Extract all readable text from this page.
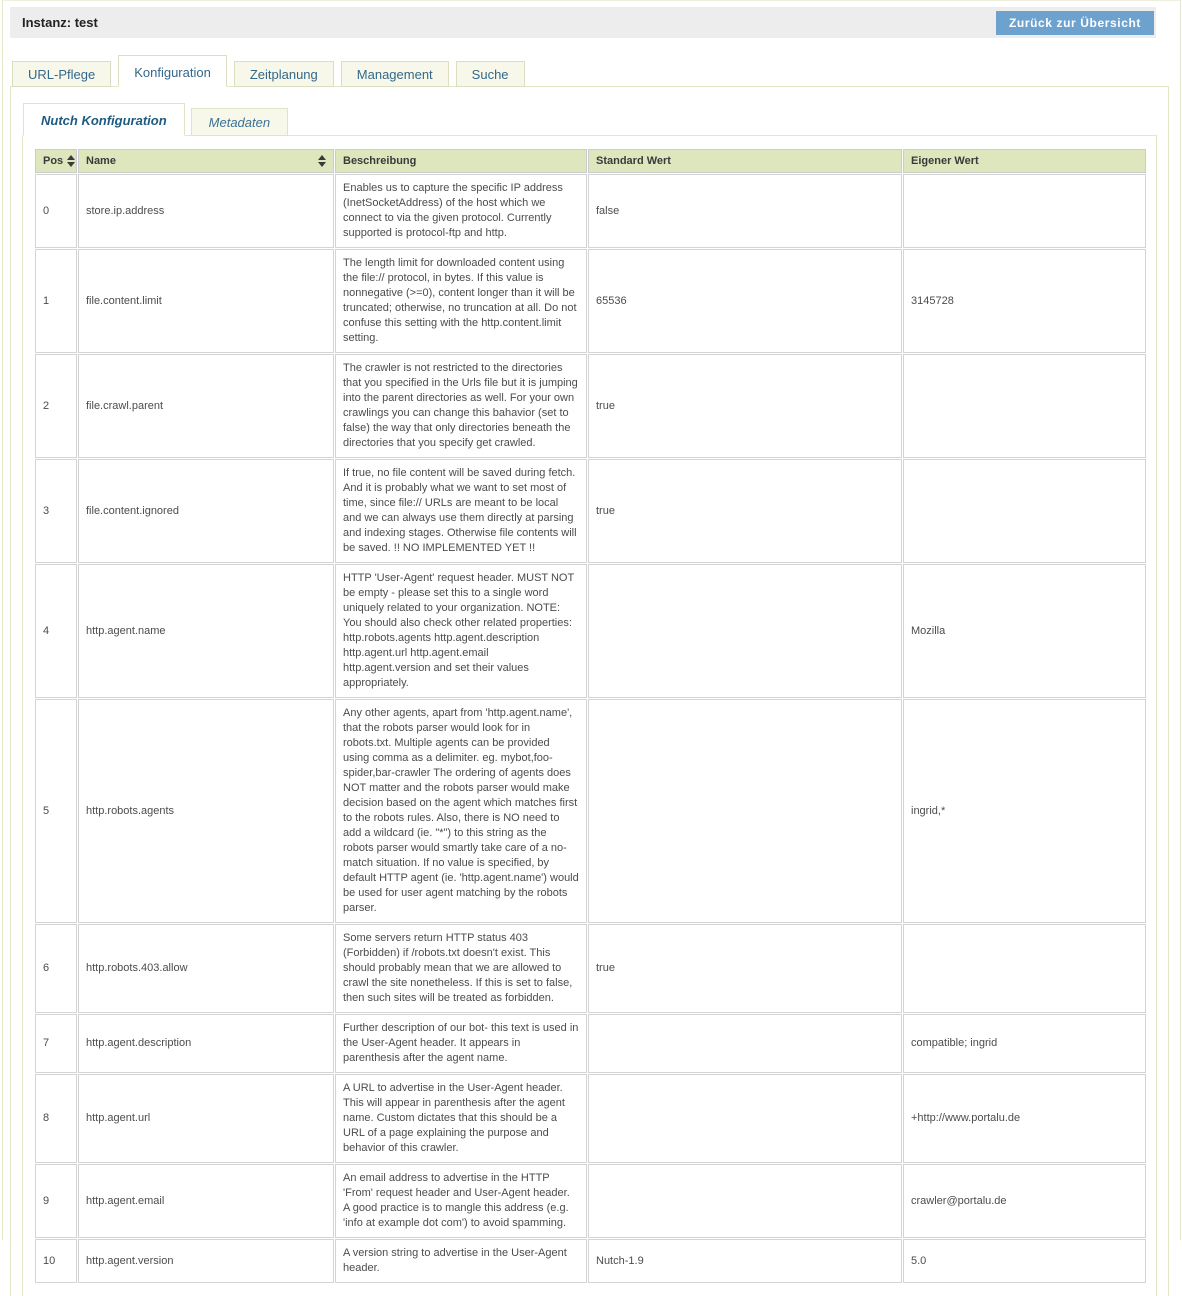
Instanz: test	Zurück zur Übersicht
URL-Pflege	Konfiguration	Zeitplanung	Management	Suche
Nutch Konfiguration	Metadaten
Pos	Name	Beschreibung	Standard Wert	Eigener Wert
0	store.ip.address	Enables us to capture the specific IP address (InetSocketAddress) of the host which we connect to via the given protocol. Currently supported is protocol-ftp and http.	false	
1	file.content.limit	The length limit for downloaded content using the file:// protocol, in bytes. If this value is nonnegative (>=0), content longer than it will be truncated; otherwise, no truncation at all. Do not confuse this setting with the http.content.limit setting.	65536	3145728
2	file.crawl.parent	The crawler is not restricted to the directories that you specified in the Urls file but it is jumping into the parent directories as well. For your own crawlings you can change this bahavior (set to false) the way that only directories beneath the directories that you specify get crawled.	true	
3	file.content.ignored	If true, no file content will be saved during fetch. And it is probably what we want to set most of time, since file:// URLs are meant to be local and we can always use them directly at parsing and indexing stages. Otherwise file contents will be saved. !! NO IMPLEMENTED YET !!	true	
4	http.agent.name	HTTP 'User-Agent' request header. MUST NOT be empty - please set this to a single word uniquely related to your organization. NOTE: You should also check other related properties: http.robots.agents http.agent.description http.agent.url http.agent.email http.agent.version and set their values appropriately.		Mozilla
5	http.robots.agents	Any other agents, apart from 'http.agent.name', that the robots parser would look for in robots.txt. Multiple agents can be provided using comma as a delimiter. eg. mybot,foo-spider,bar-crawler The ordering of agents does NOT matter and the robots parser would make decision based on the agent which matches first to the robots rules. Also, there is NO need to add a wildcard (ie. "*") to this string as the robots parser would smartly take care of a no-match situation. If no value is specified, by default HTTP agent (ie. 'http.agent.name') would be used for user agent matching by the robots parser.		ingrid,*
6	http.robots.403.allow	Some servers return HTTP status 403 (Forbidden) if /robots.txt doesn't exist. This should probably mean that we are allowed to crawl the site nonetheless. If this is set to false, then such sites will be treated as forbidden.	true	
7	http.agent.description	Further description of our bot- this text is used in the User-Agent header. It appears in parenthesis after the agent name.		compatible; ingrid
8	http.agent.url	A URL to advertise in the User-Agent header. This will appear in parenthesis after the agent name. Custom dictates that this should be a URL of a page explaining the purpose and behavior of this crawler.		+http://www.portalu.de
9	http.agent.email	An email address to advertise in the HTTP 'From' request header and User-Agent header. A good practice is to mangle this address (e.g. 'info at example dot com') to avoid spamming.		crawler@portalu.de
10	http.agent.version	A version string to advertise in the User-Agent header.	Nutch-1.9	5.0
